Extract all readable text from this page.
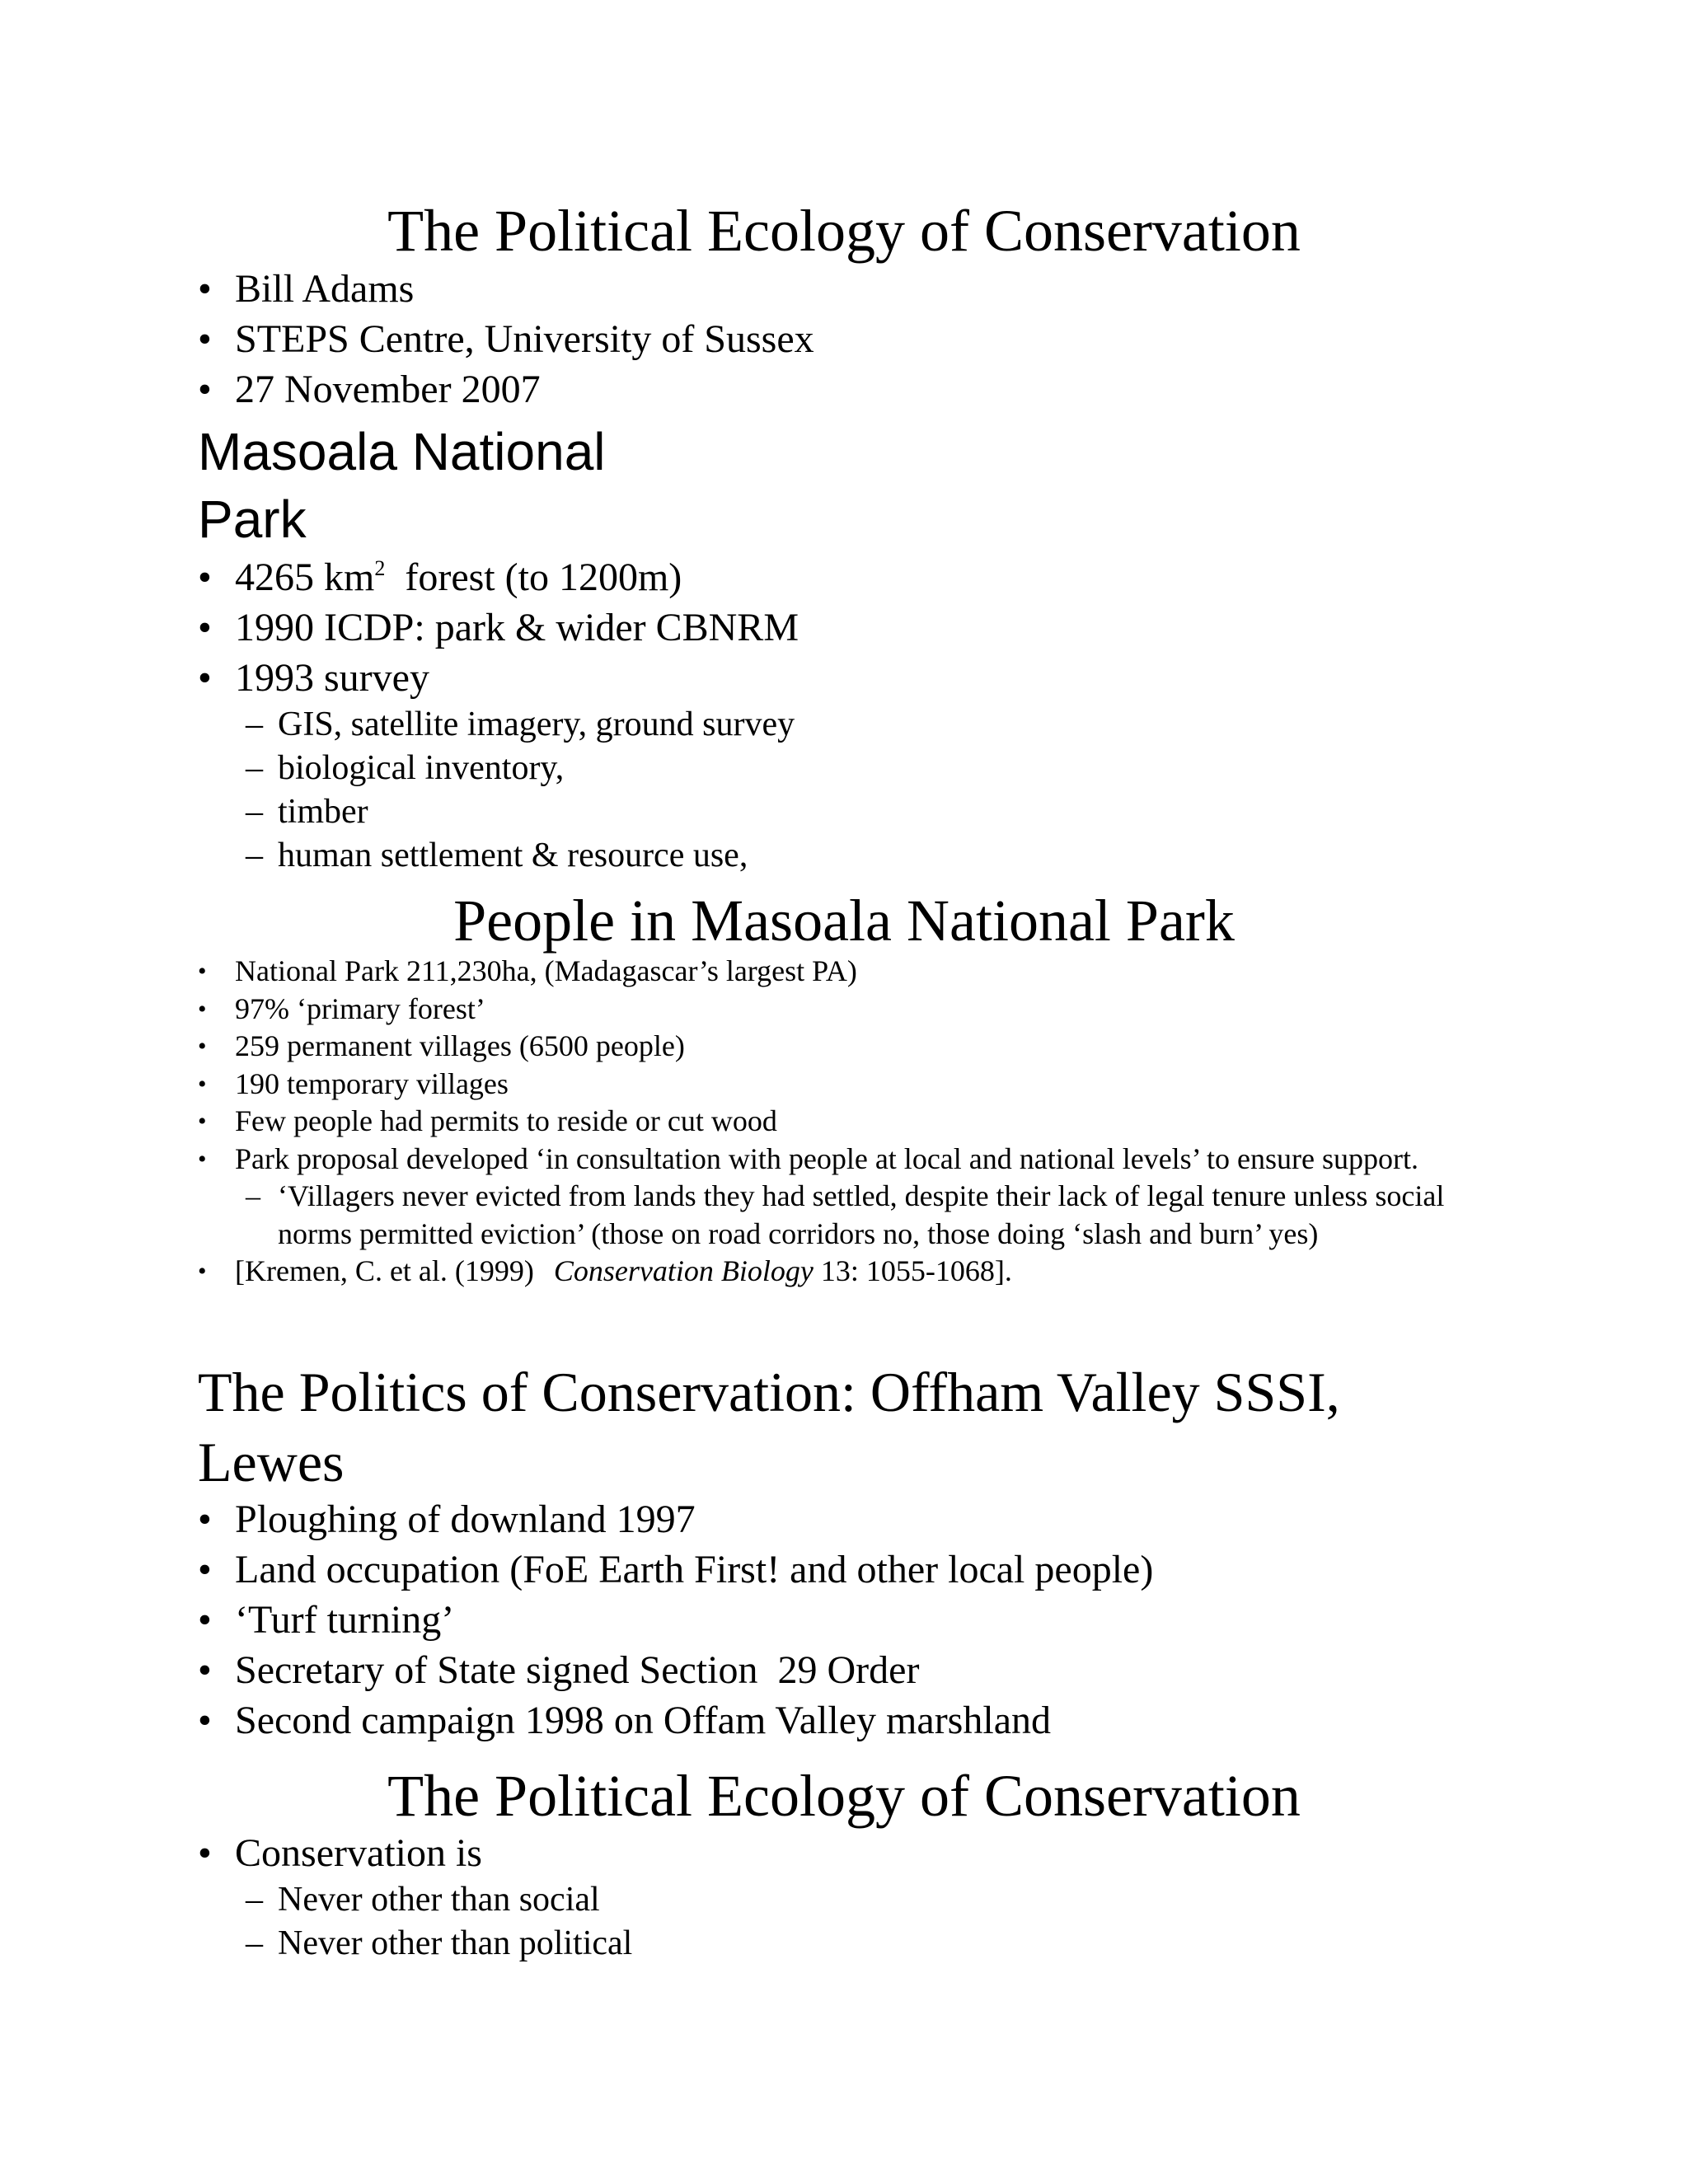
The Political Ecology of Conservation
• Bill Adams
• STEPS Centre, University of Sussex
• 27 November 2007
Masoala National
Park
• 4265 $km^2$ forest (to 1200m)
• 1990 ICDP: park & wider CBNRM
• 1993 survey
– GIS, satellite imagery, ground survey
– biological inventory,
– timber
– human settlement & resource use,
People in Masoala National Park
• National Park 211,230ha, (Madagascar’s largest PA)
• 97% ‘primary forest’
• 259 permanent villages (6500 people)
• 190 temporary villages
• Few people had permits to reside or cut wood
• Park proposal developed ‘in consultation with people at local and national levels’ to ensure support.
– ‘Villagers never evicted from lands they had settled, despite their lack of legal tenure unless social norms permitted eviction’ (those on road corridors no, those doing ‘slash and burn’ yes)
• [Kremen, C. et al. (1999) Conservation Biology 13: 1055-1068].
The Politics of Conservation: Offham Valley SSSI,
Lewes
• Ploughing of downland 1997
• Land occupation (FoE Earth First! and other local people)
• ‘Turf turning’
• Secretary of State signed Section 29 Order
• Second campaign 1998 on Offam Valley marshland
The Political Ecology of Conservation
• Conservation is
– Never other than social
– Never other than political
